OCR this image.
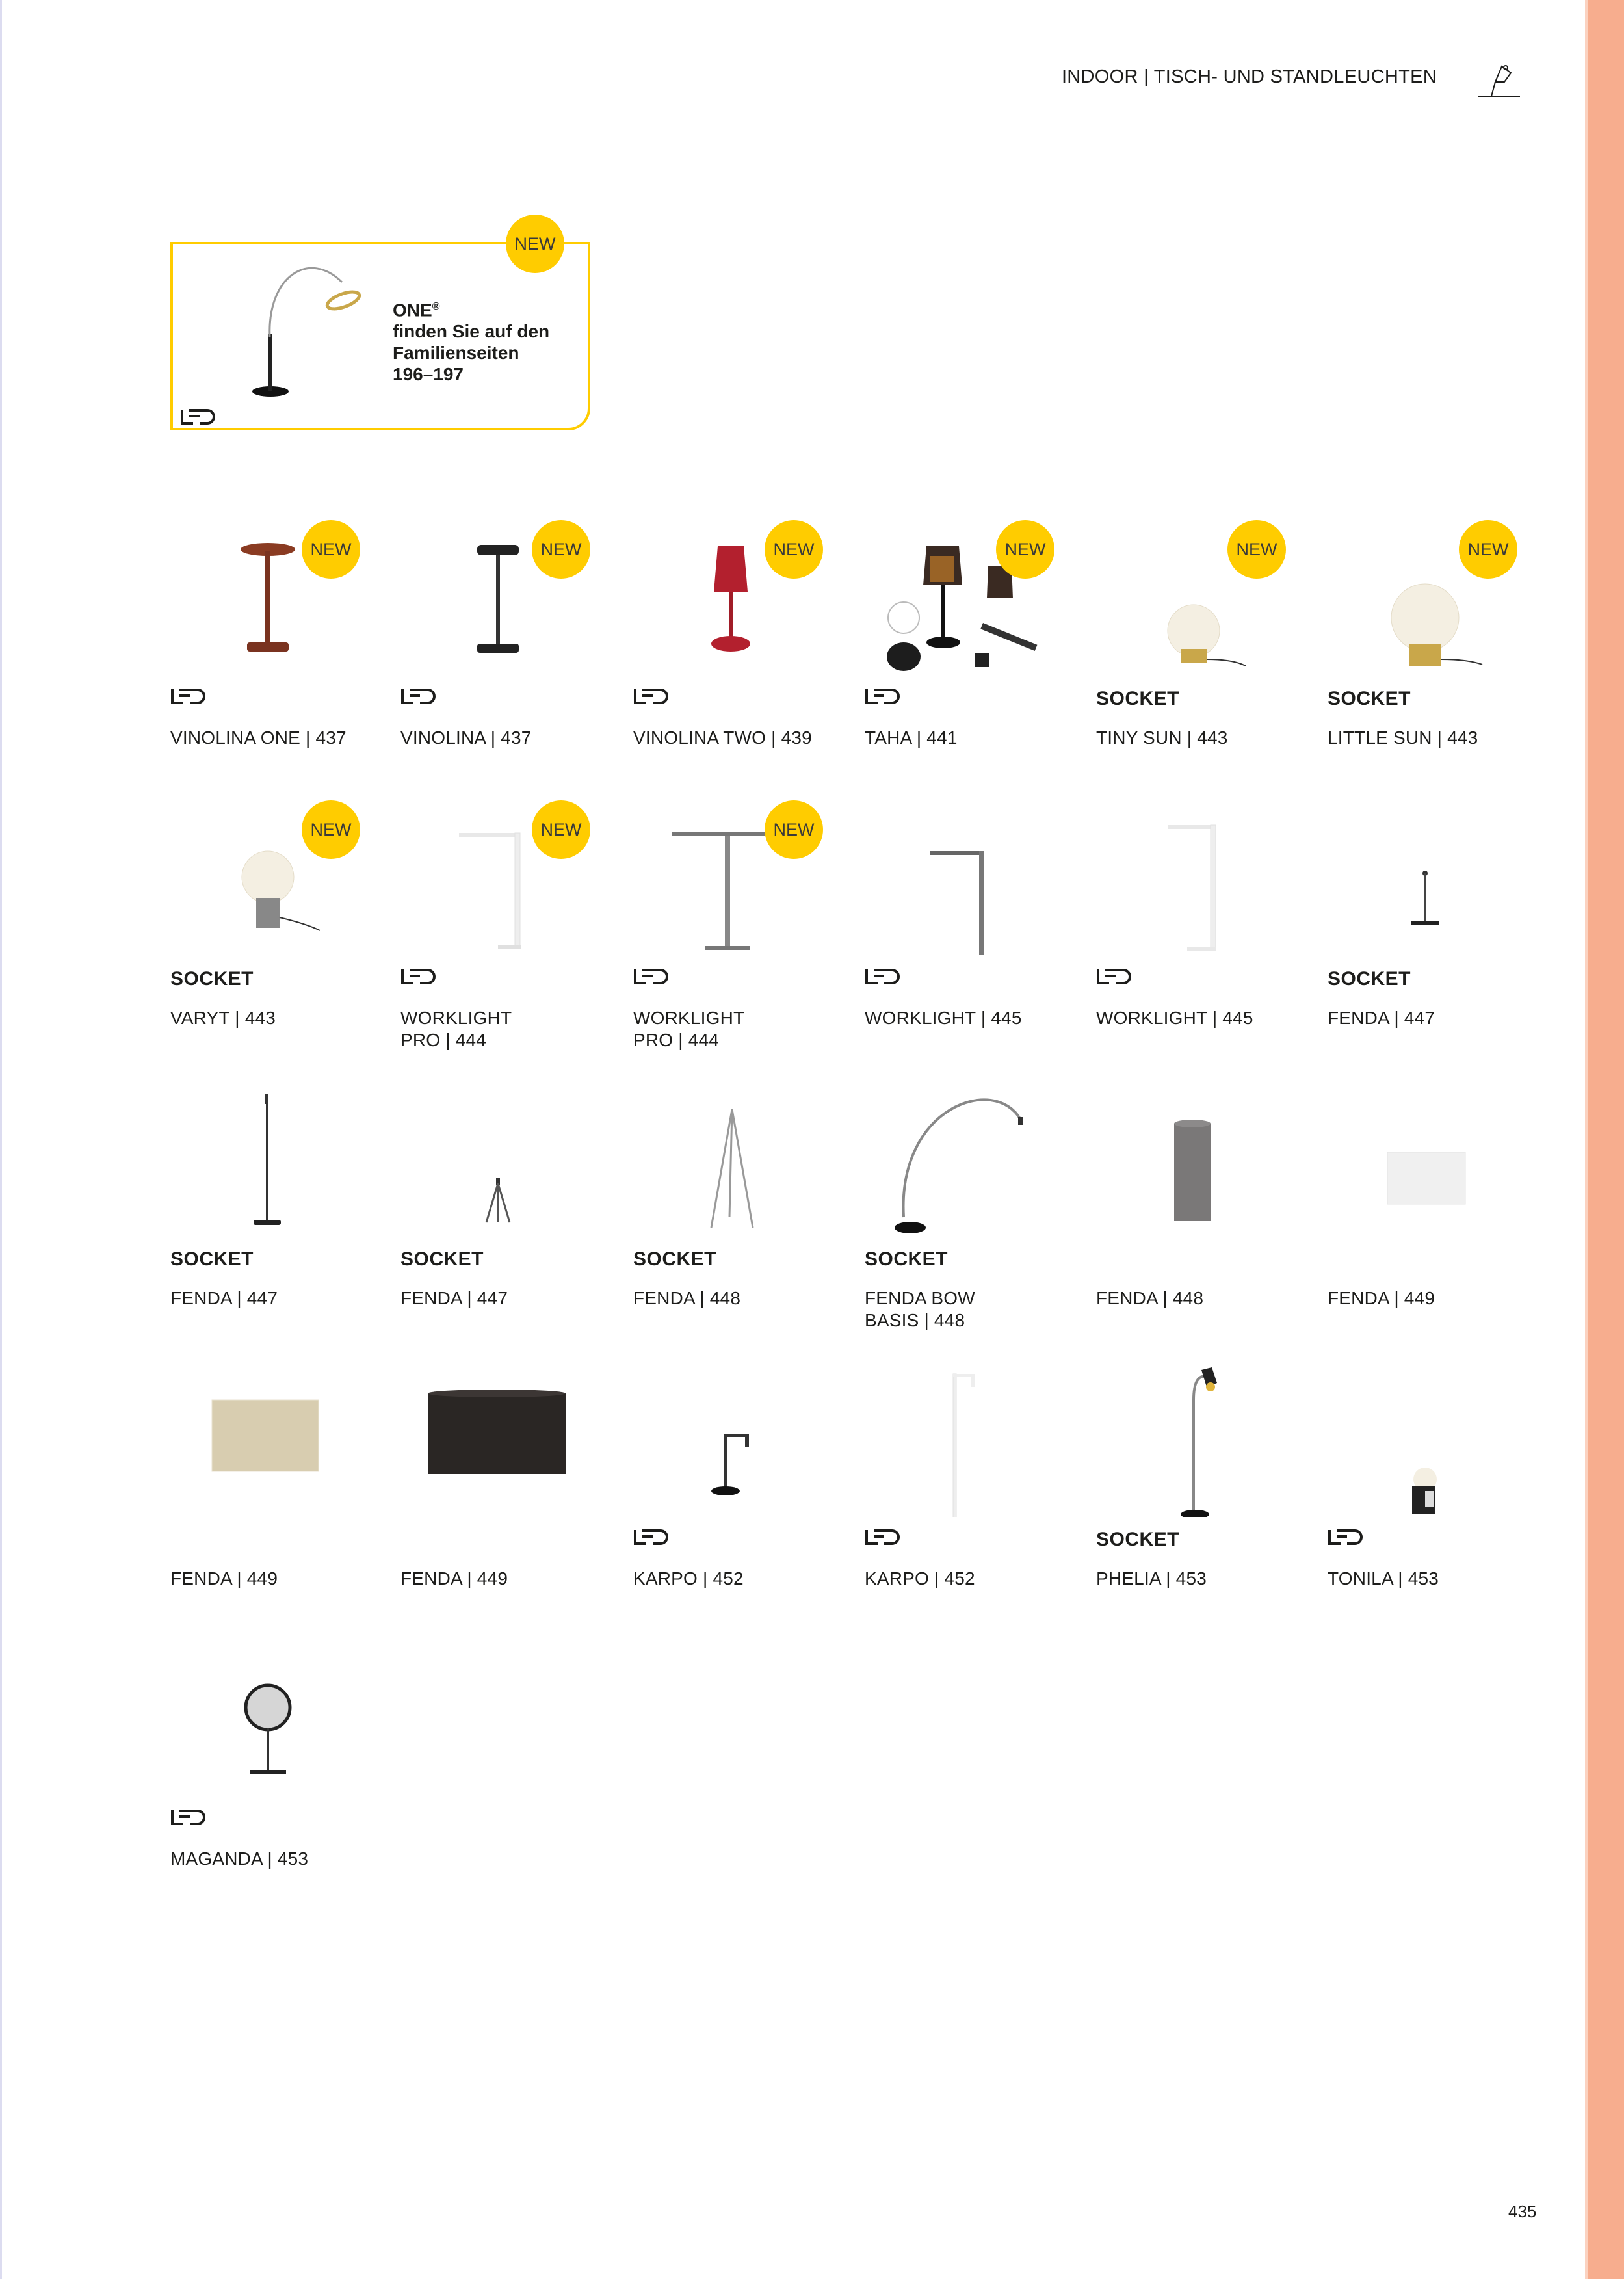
INDOOR | TISCH- UND STANDLEUCHTEN
ONE®
finden Sie auf den
Familienseiten
196–197
NEW
NEW
VINOLINA ONE | 437
NEW
VINOLINA | 437
NEW
VINOLINA TWO | 439
NEW
TAHA | 441
NEW
SOCKET
TINY SUN | 443
NEW
SOCKET
LITTLE SUN | 443
NEW
SOCKET
VARYT | 443
NEW
WORKLIGHT
PRO | 444
NEW
WORKLIGHT
PRO | 444
WORKLIGHT | 445	WORKLIGHT | 445
SOCKET
FENDA | 447
SOCKET
FENDA | 447
SOCKET
FENDA | 447
SOCKET
FENDA | 448
SOCKET
FENDA BOW
BASIS | 448
FENDA | 448	FENDA | 449
FENDA | 449	FENDA | 449	KARPO | 452	KARPO | 452
SOCKET
PHELIA | 453	TONILA | 453
MAGANDA | 453
435
